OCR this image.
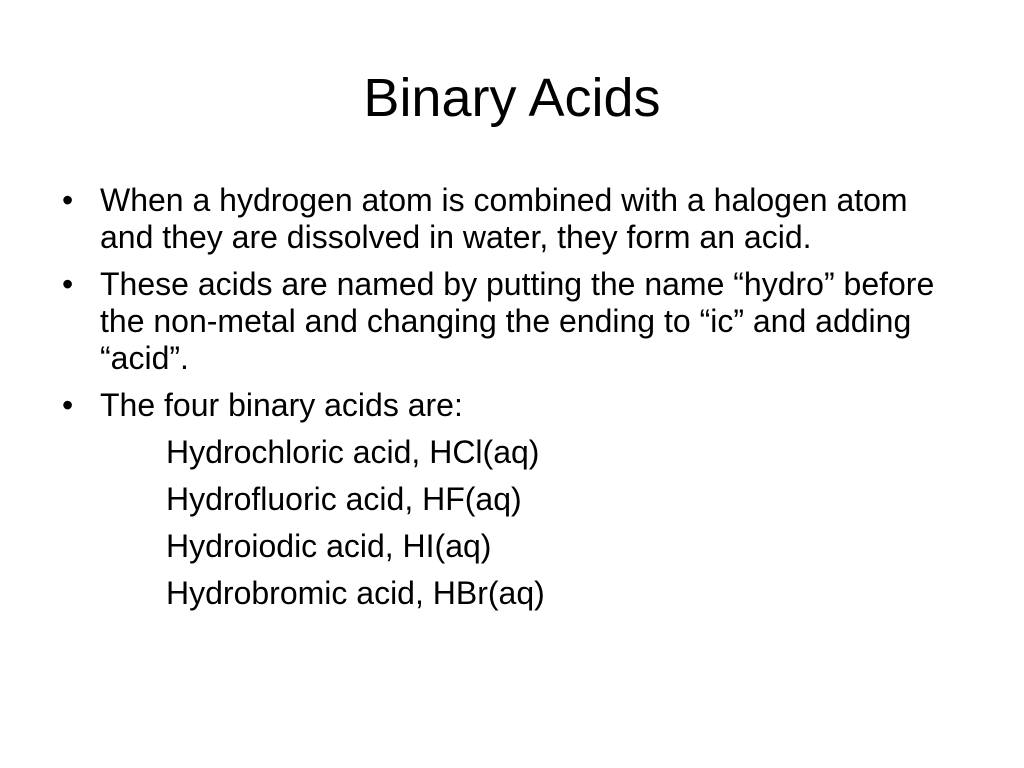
Binary Acids
• When a hydrogen atom is combined with a halogen atom and they are dissolved in water, they form an acid.
• These acids are named by putting the name “hydro” before the non-metal and changing the ending to “ic” and adding “acid”.
• The four binary acids are:
Hydrochloric acid, HCl(aq)
Hydrofluoric acid, HF(aq)
Hydroiodic acid, HI(aq)
Hydrobromic acid, HBr(aq)
